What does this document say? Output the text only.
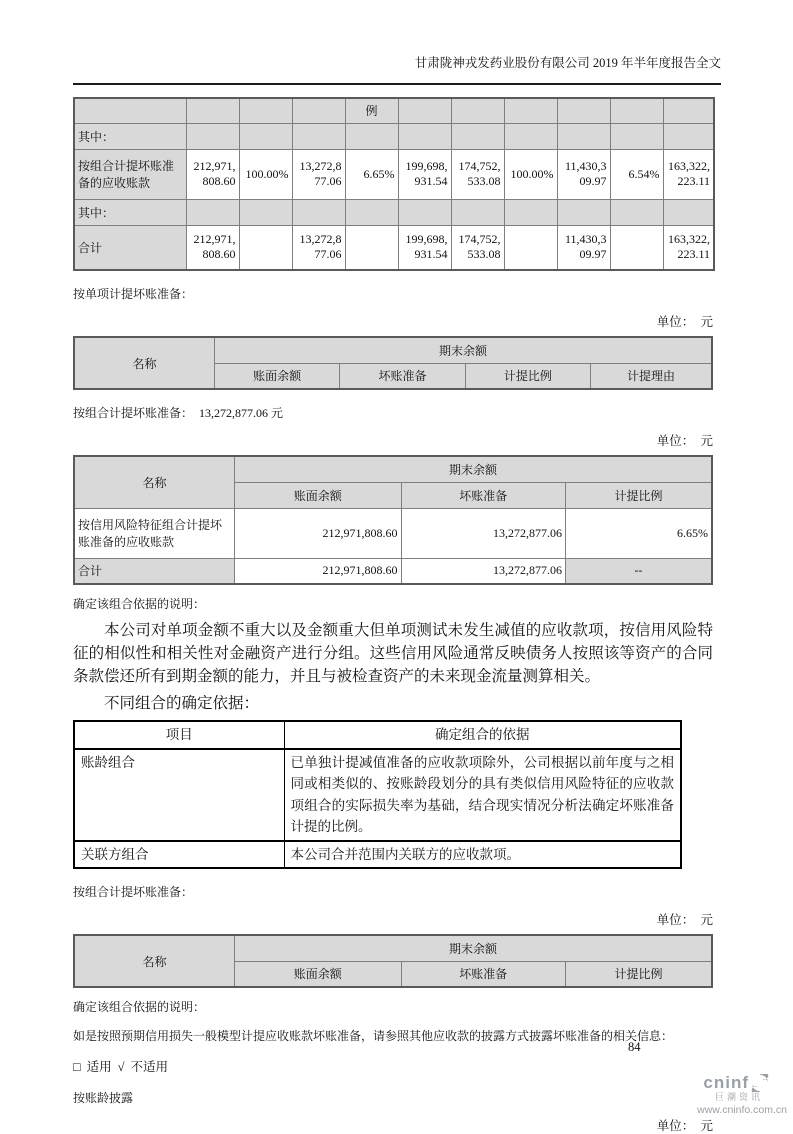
甘肃陇神戎发药业股份有限公司 2019 年半年度报告全文
				例						
其中：										
按组合计提坏账准备的应收账款	212,971,808.60	100.00%	13,272,877.06	6.65%	199,698,931.54	174,752,533.08	100.00%	11,430,309.97	6.54%	163,322,223.11
其中：										
合计	212,971,808.60		13,272,877.06		199,698,931.54	174,752,533.08		11,430,309.97		163,322,223.11
按单项计提坏账准备：
单位：　元
名称	期末余额			
	账面余额	坏账准备	计提比例	计提理由
按组合计提坏账准备： 13,272,877.06 元
单位：　元
名称	期末余额		
	账面余额	坏账准备	计提比例
按信用风险特征组合计提坏账准备的应收账款	212,971,808.60	13,272,877.06	6.65%
合计	212,971,808.60	13,272,877.06	--
确定该组合依据的说明：
本公司对单项金额不重大以及金额重大但单项测试未发生减值的应收款项，按信用风险特征的相似性和相关性对金融资产进行分组。这些信用风险通常反映债务人按照该等资产的合同条款偿还所有到期金额的能力，并且与被检查资产的未来现金流量测算相关。
不同组合的确定依据：
项目	确定组合的依据
账龄组合	已单独计提减值准备的应收款项除外，公司根据以前年度与之相同或相类似的、按账龄段划分的具有类似信用风险特征的应收款项组合的实际损失率为基础，结合现实情况分析法确定坏账准备计提的比例。
关联方组合	本公司合并范围内关联方的应收款项。
按组合计提坏账准备：
单位：　元
名称	期末余额		
	账面余额	坏账准备	计提比例
确定该组合依据的说明：
如是按照预期信用损失一般模型计提应收账款坏账准备，请参照其他应收款的披露方式披露坏账准备的相关信息：
□ 适用 √ 不适用
按账龄披露
单位：　元
84
cninf
巨潮资讯
www.cninfo.com.cn
